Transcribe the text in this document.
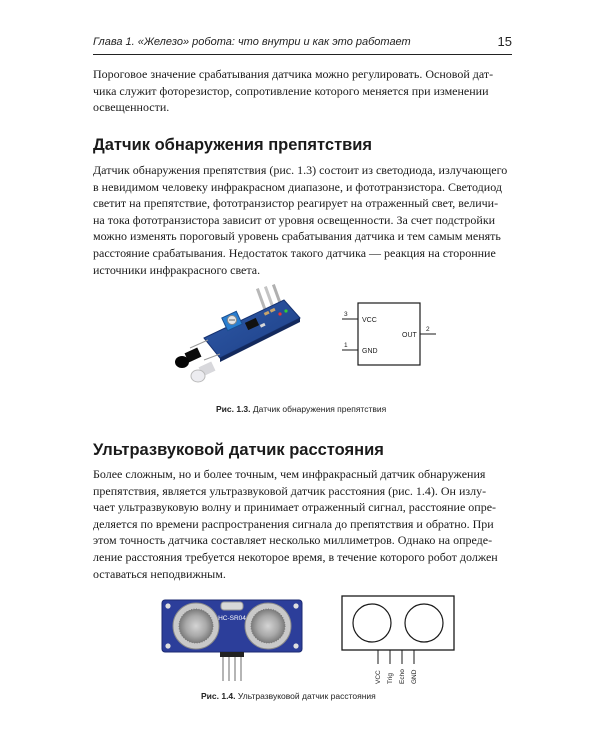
Глава 1. «Железо» робота: что внутри и как это работает	15

Пороговое значение срабатывания датчика можно регулировать. Основой дат-
чика служит фоторезистор, сопротивление которого меняется при изменении
освещенности.

Датчик обнаружения препятствия

Датчик обнаружения препятствия (рис. 1.3) состоит из светодиода, излучающего
в невидимом человеку инфракрасном диапазоне, и фототранзистора. Светодиод
светит на препятствие, фототранзистор реагирует на отраженный свет, величи-
на тока фототранзистора зависит от уровня освещенности. За счет подстройки
можно изменять пороговый уровень срабатывания датчика и тем самым менять
расстояние срабатывания. Недостаток такого датчика — реакция на сторонние
источники инфракрасного света.

3
VCC
1
GND
2
OUT
Рис. 1.3. Датчик обнаружения препятствия
Ультразвуковой датчик расстояния

Более сложным, но и более точным, чем инфракрасный датчик обнаружения
препятствия, является ультразвуковой датчик расстояния (рис. 1.4). Он излу-
чает ультразвуковую волну и принимает отраженный сигнал, расстояние опре-
деляется по времени распространения сигнала до препятствия и обратно. При
этом точность датчика составляет несколько миллиметров. Однако на опреде-
ление расстояния требуется некоторое время, в течение которого робот должен
оставаться неподвижным.

HC-SR04
VCC Trig Echo GND
Рис. 1.4. Ультразвуковой датчик расстояния
